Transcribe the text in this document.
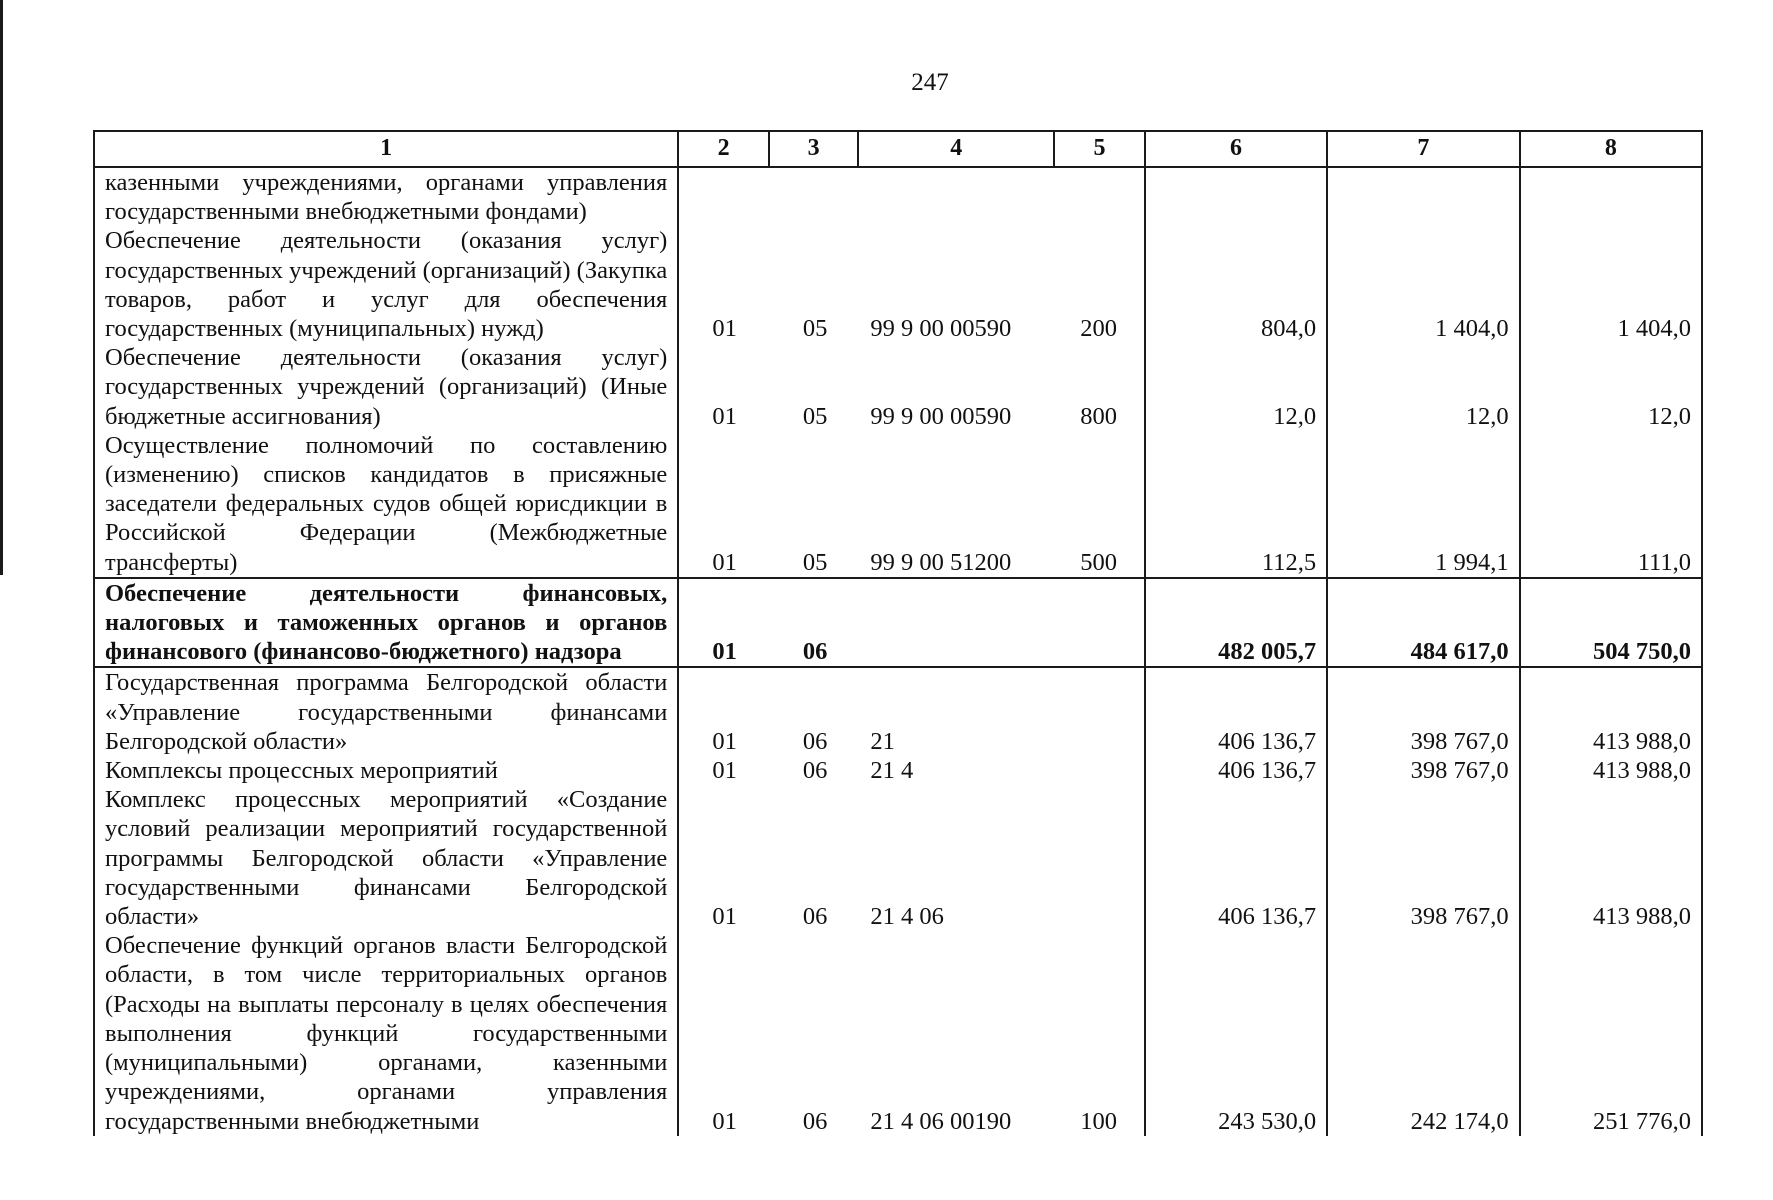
247
1	2	3	4	5	6	7	8
казенными учреждениями, органами управления государственными внебюджетными фондами)							
Обеспечение деятельности (оказания услуг) государственных учреждений (организаций) (Закупка товаров, работ и услуг для обеспечения государственных (муниципальных) нужд)	01	05	99 9 00 00590	200	804,0	1 404,0	1 404,0
Обеспечение деятельности (оказания услуг) государственных учреждений (организаций) (Иные бюджетные ассигнования)	01	05	99 9 00 00590	800	12,0	12,0	12,0
Осуществление полномочий по составлению (изменению) списков кандидатов в присяжные заседатели федеральных судов общей юрисдикции в Российской Федерации (Межбюджетные трансферты)	01	05	99 9 00 51200	500	112,5	1 994,1	111,0
Обеспечение деятельности финансовых, налоговых и таможенных органов и органов финансового (финансово-бюджетного) надзора	01	06			482 005,7	484 617,0	504 750,0
Государственная программа Белгородской области «Управление государственными финансами Белгородской области»	01	06	21		406 136,7	398 767,0	413 988,0
Комплексы процессных мероприятий	01	06	21 4		406 136,7	398 767,0	413 988,0
Комплекс процессных мероприятий «Создание условий реализации мероприятий государственной программы Белгородской области «Управление государственными финансами Белгородской области»	01	06	21 4 06		406 136,7	398 767,0	413 988,0
Обеспечение функций органов власти Белгородской области, в том числе территориальных органов (Расходы на выплаты персоналу в целях обеспечения выполнения функций государственными (муниципальными) органами, казенными учреждениями, органами управления государственными внебюджетными	01	06	21 4 06 00190	100	243 530,0	242 174,0	251 776,0
